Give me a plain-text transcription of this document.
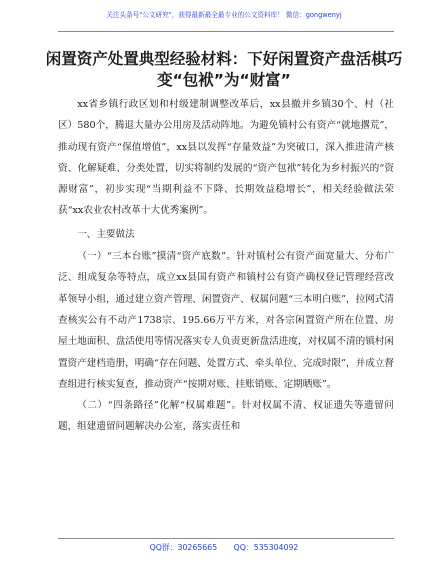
关注头条号"公文研究"，获得最新最全最专业的公文资料库！ 微信：gongwenyj
闲置资产处置典型经验材料：下好闲置资产盘活棋巧变“包袱”为“财富”

xx省乡镇行政区划和村级建制调整改革后，xx县撤并乡镇30个、村（社区）580个，腾退大量办公用房及活动阵地。为避免镇村公有资产“就地撂荒”，推动现有资产“保值增值”，xx县以发挥“存量效益”为突破口，深入推进清产核资、化解疑难、分类处置，切实将制约发展的“资产包袱”转化为乡村振兴的“资源财富”，初步实现“当期利益不下降、长期效益稳增长”，相关经验做法荣获“xx农业农村改革十大优秀案例”。

一、主要做法

（一）“三本台账”摸清“资产底数”。针对镇村公有资产面宽量大、分布广泛、组成复杂等特点，成立xx县国有资产和镇村公有资产确权登记管理经营改革领导小组，通过建立资产管理、闲置资产、权属问题“三本明白账”，拉网式清查核实公有不动产1738宗、195.66万平方米，对各宗闲置资产所在位置、房屋土地面积、盘活使用等情况落实专人负责更新盘活进度，对权属不清的镇村闲置资产建档造册，明确“存在问题、处置方式、牵头单位、完成时限”，并成立督查组进行核实复查，推动资产“按期对账、挂账销账、定期晒账”。

（二）“四条路径”化解“权属难题”。针对权属不清、权证遗失等遗留问题，组建遗留问题解决办公室，落实责任和

QQ群：30265665 QQ：535304092
